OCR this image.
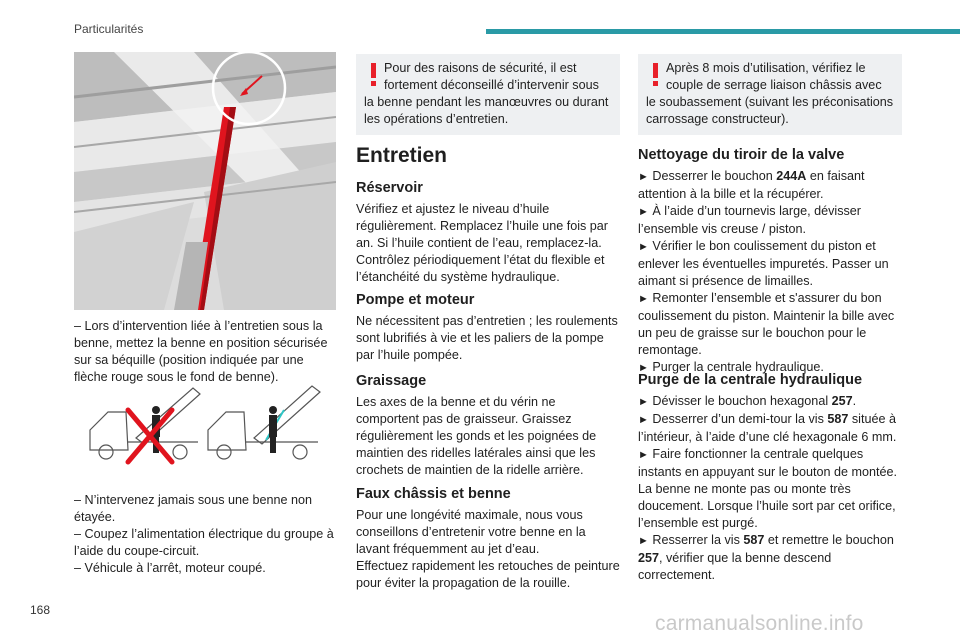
Particularités

– Lors d’intervention liée à l’entretien sous la benne, mettez la benne en position sécurisée sur sa béquille (position indiquée par une flèche rouge sous le fond de benne).

– N’intervenez jamais sous une benne non étayée.

– Coupez l’alimentation électrique du groupe à l’aide du coupe-circuit.

– Véhicule à l’arrêt, moteur coupé.

Pour des raisons de sécurité, il est fortement déconseillé d’intervenir sous la benne pendant les manœuvres ou durant les opérations d’entretien.
Entretien
Réservoir

Vérifiez et ajustez le niveau d’huile régulièrement. Remplacez l’huile une fois par an. Si l’huile contient de l’eau, remplacez-la. Contrôlez périodiquement l’état du flexible et l’étanchéité du système hydraulique.

Pompe et moteur

Ne nécessitent pas d’entretien ; les roulements sont lubrifiés à vie et les paliers de la pompe par l’huile pompée.

Graissage

Les axes de la benne et du vérin ne comportent pas de graisseur. Graissez régulièrement les gonds et les poignées de maintien des ridelles latérales ainsi que les crochets de maintien de la ridelle arrière.

Faux châssis et benne

Pour une longévité maximale, nous vous conseillons d’entretenir votre benne en la lavant fréquemment au jet d’eau.

Effectuez rapidement les retouches de peinture pour éviter la propagation de la rouille.

Après 8 mois d’utilisation, vérifiez le couple de serrage liaison châssis avec le soubassement (suivant les préconisations carrossage constructeur).
Nettoyage du tiroir de la valve

► Desserrer le bouchon 244A en faisant attention à la bille et la récupérer.

► À l’aide d’un tournevis large, dévisser l’ensemble vis creuse / piston.

► Vérifier le bon coulissement du piston et enlever les éventuelles impuretés. Passer un aimant si présence de limailles.

► Remonter l’ensemble et s'assurer du bon coulissement du piston. Maintenir la bille avec un peu de graisse sur le bouchon pour le remontage.

► Purger la centrale hydraulique.

Purge de la centrale hydraulique

► Dévisser le bouchon hexagonal 257.

► Desserrer d’un demi-tour la vis 587 située à l’intérieur, à l’aide d’une clé hexagonale 6 mm.

► Faire fonctionner la centrale quelques instants en appuyant sur le bouton de montée. La benne ne monte pas ou monte très doucement. Lorsque l’huile sort par cet orifice, l’ensemble est purgé.

► Resserrer la vis 587 et remettre le bouchon 257, vérifier que la benne descend correctement.

168
carmanualsonline.info
